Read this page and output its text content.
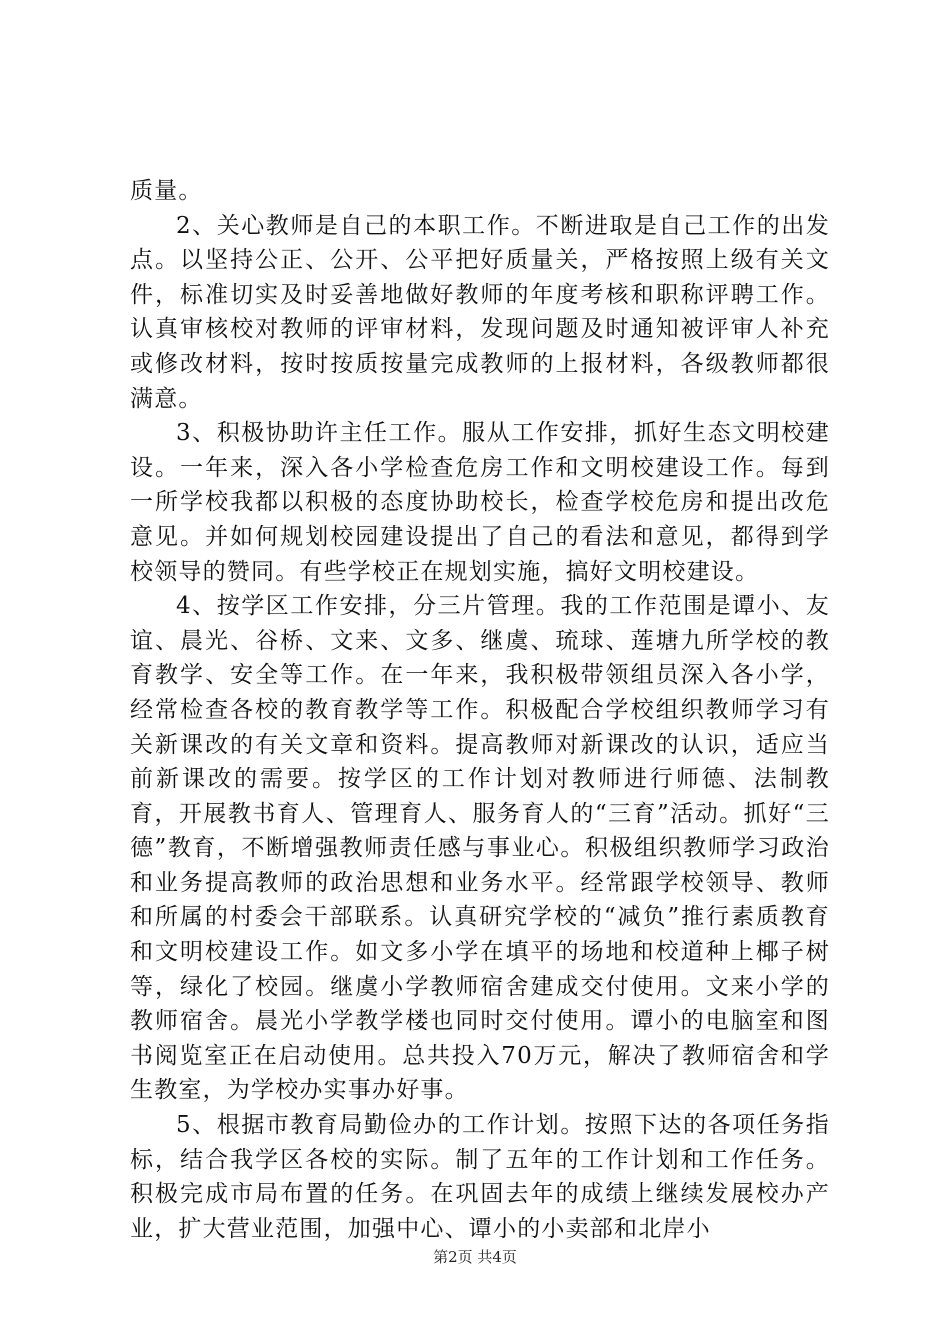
质量。

2、关心教师是自己的本职工作。不断进取是自己工作的出发点。以坚持公正、公开、公平把好质量关，严格按照上级有关文件，标准切实及时妥善地做好教师的年度考核和职称评聘工作。认真审核校对教师的评审材料，发现问题及时通知被评审人补充或修改材料，按时按质按量完成教师的上报材料，各级教师都很满意。

3、积极协助许主任工作。服从工作安排，抓好生态文明校建设。一年来，深入各小学检查危房工作和文明校建设工作。每到一所学校我都以积极的态度协助校长，检查学校危房和提出改危意见。并如何规划校园建设提出了自己的看法和意见，都得到学校领导的赞同。有些学校正在规划实施，搞好文明校建设。

4、按学区工作安排，分三片管理。我的工作范围是谭小、友谊、晨光、谷桥、文来、文多、继虞、琉球、莲塘九所学校的教育教学、安全等工作。在一年来，我积极带领组员深入各小学，经常检查各校的教育教学等工作。积极配合学校组织教师学习有关新课改的有关文章和资料。提高教师对新课改的认识，适应当前新课改的需要。按学区的工作计划对教师进行师德、法制教育，开展教书育人、管理育人、服务育人的“三育”活动。抓好“三德”教育，不断增强教师责任感与事业心。积极组织教师学习政治和业务提高教师的政治思想和业务水平。经常跟学校领导、教师和所属的村委会干部联系。认真研究学校的“减负”推行素质教育和文明校建设工作。如文多小学在填平的场地和校道种上椰子树等，绿化了校园。继虞小学教师宿舍建成交付使用。文来小学的教师宿舍。晨光小学教学楼也同时交付使用。谭小的电脑室和图书阅览室正在启动使用。总共投入70万元，解决了教师宿舍和学生教室，为学校办实事办好事。

5、根据市教育局勤俭办的工作计划。按照下达的各项任务指标，结合我学区各校的实际。制了五年的工作计划和工作任务。积极完成市局布置的任务。在巩固去年的成绩上继续发展校办产业，扩大营业范围，加强中心、谭小的小卖部和北岸小

第2页 共4页
